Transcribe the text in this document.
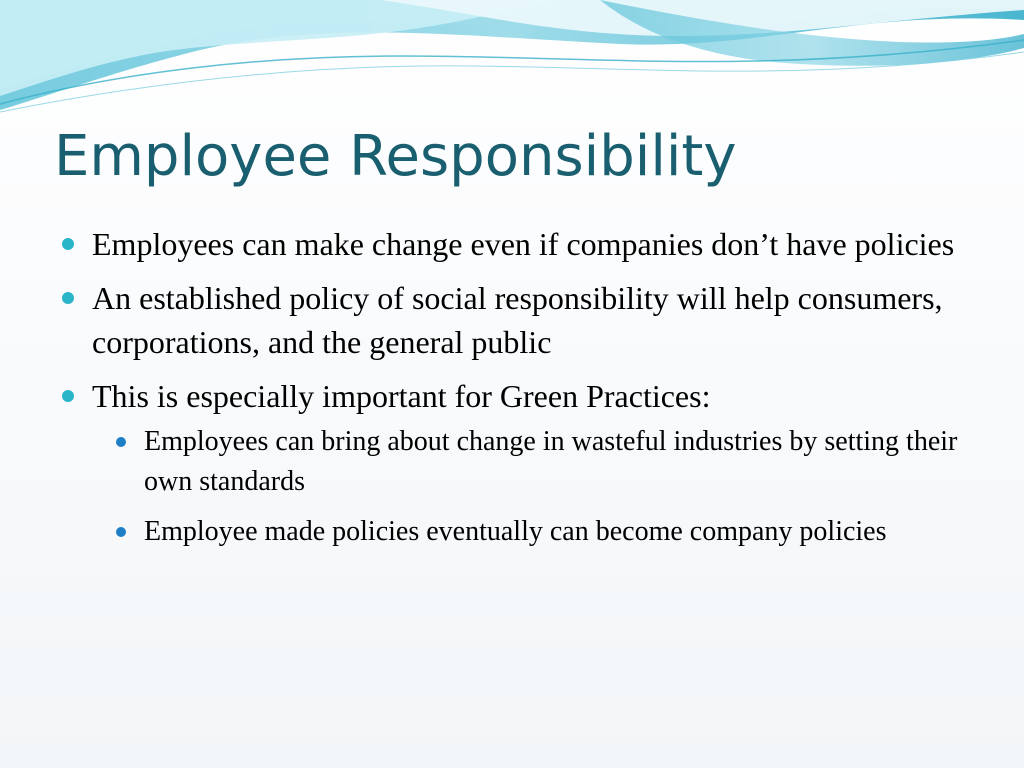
Employee Responsibility
Employees can make change even if companies don’t have policies
An established policy of social responsibility will help consumers, corporations, and the general public
This is especially important for Green Practices:
Employees can bring about change in wasteful industries by setting their own standards
Employee made policies eventually can become company policies
